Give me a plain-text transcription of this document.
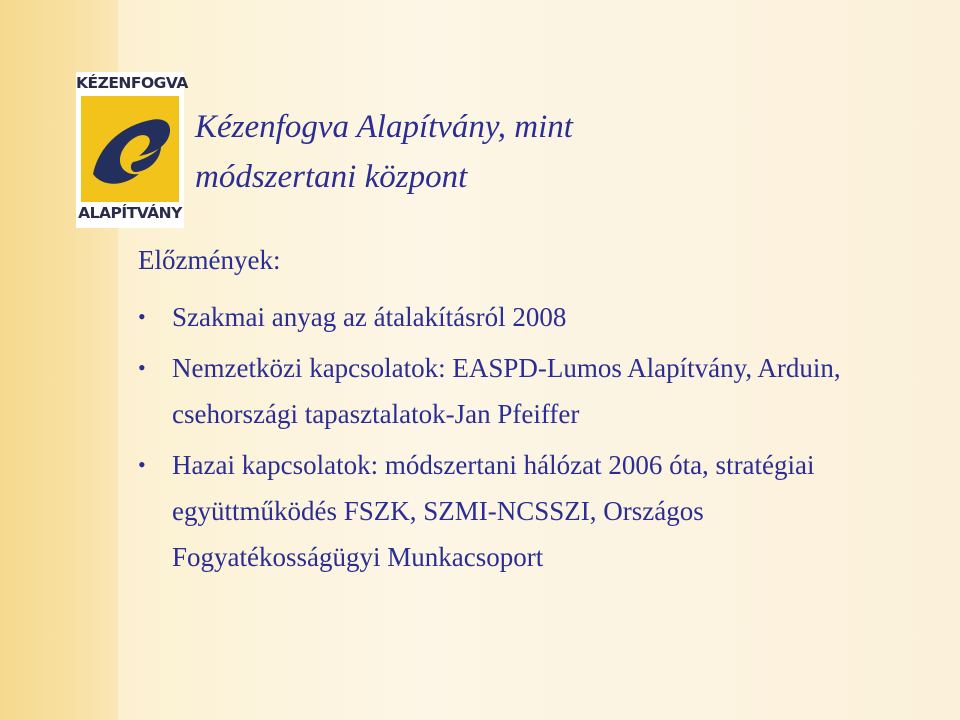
KÉZENFOGVA
ALAPÍTVÁNY
Kézenfogva Alapítvány, mint
módszertani központ
Előzmények:
• Szakmai anyag az átalakításról 2008
• Nemzetközi kapcsolatok: EASPD-Lumos Alapítvány, Arduin, csehországi tapasztalatok-Jan Pfeiffer
• Hazai kapcsolatok: módszertani hálózat 2006 óta, stratégiai együttműködés FSZK, SZMI-NCSSZI, Országos Fogyatékosságügyi Munkacsoport
